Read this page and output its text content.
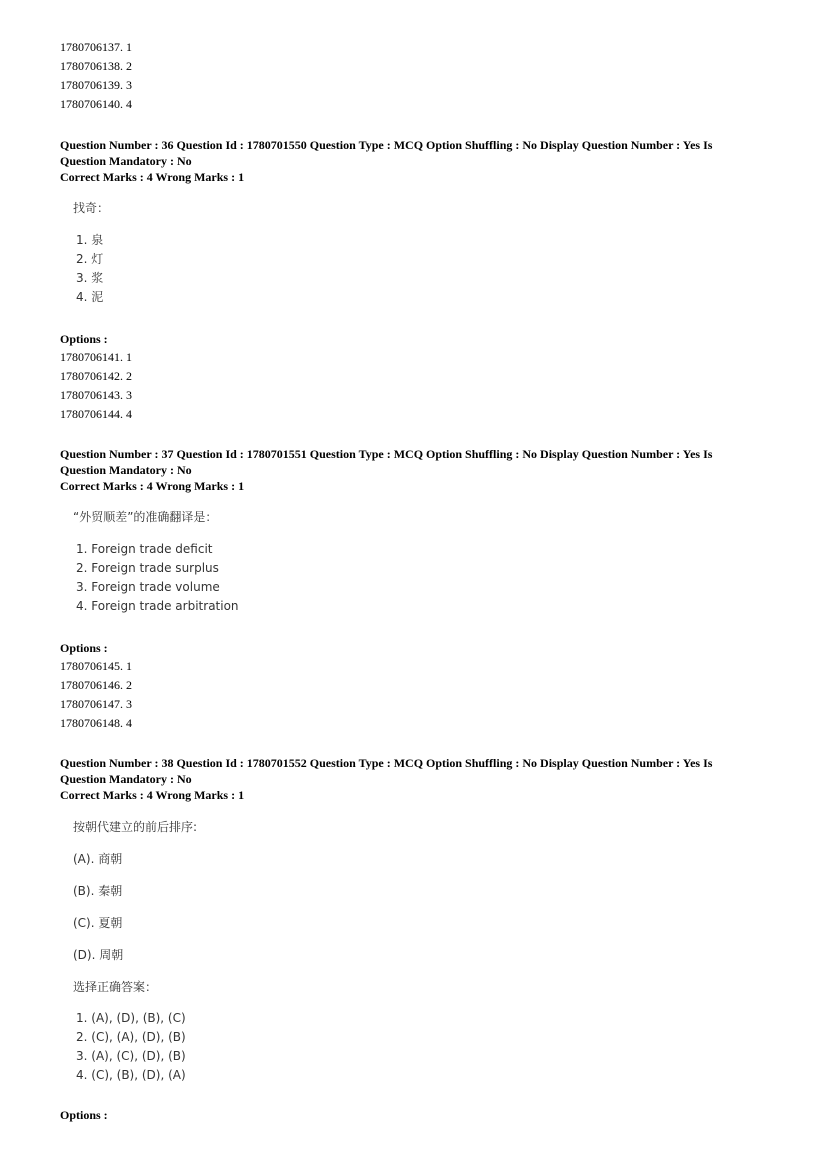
1780706137. 1
1780706138. 2
1780706139. 3
1780706140. 4
Question Number : 36 Question Id : 1780701550 Question Type : MCQ Option Shuffling : No Display Question Number : Yes Is Question Mandatory : No
Correct Marks : 4 Wrong Marks : 1
找奇：
1. 泉
2. 灯
3. 浆
4. 泥
Options :
1780706141. 1
1780706142. 2
1780706143. 3
1780706144. 4
Question Number : 37 Question Id : 1780701551 Question Type : MCQ Option Shuffling : No Display Question Number : Yes Is Question Mandatory : No
Correct Marks : 4 Wrong Marks : 1
“外贸顺差”的准确翻译是：
1. Foreign trade deficit
2. Foreign trade surplus
3. Foreign trade volume
4. Foreign trade arbitration
Options :
1780706145. 1
1780706146. 2
1780706147. 3
1780706148. 4
Question Number : 38 Question Id : 1780701552 Question Type : MCQ Option Shuffling : No Display Question Number : Yes Is Question Mandatory : No
Correct Marks : 4 Wrong Marks : 1
按朝代建立的前后排序:
(A). 商朝
(B). 秦朝
(C). 夏朝
(D). 周朝
选择正确答案：
1. (A), (D), (B), (C)
2. (C), (A), (D), (B)
3. (A), (C), (D), (B)
4. (C), (B), (D), (A)
Options :
